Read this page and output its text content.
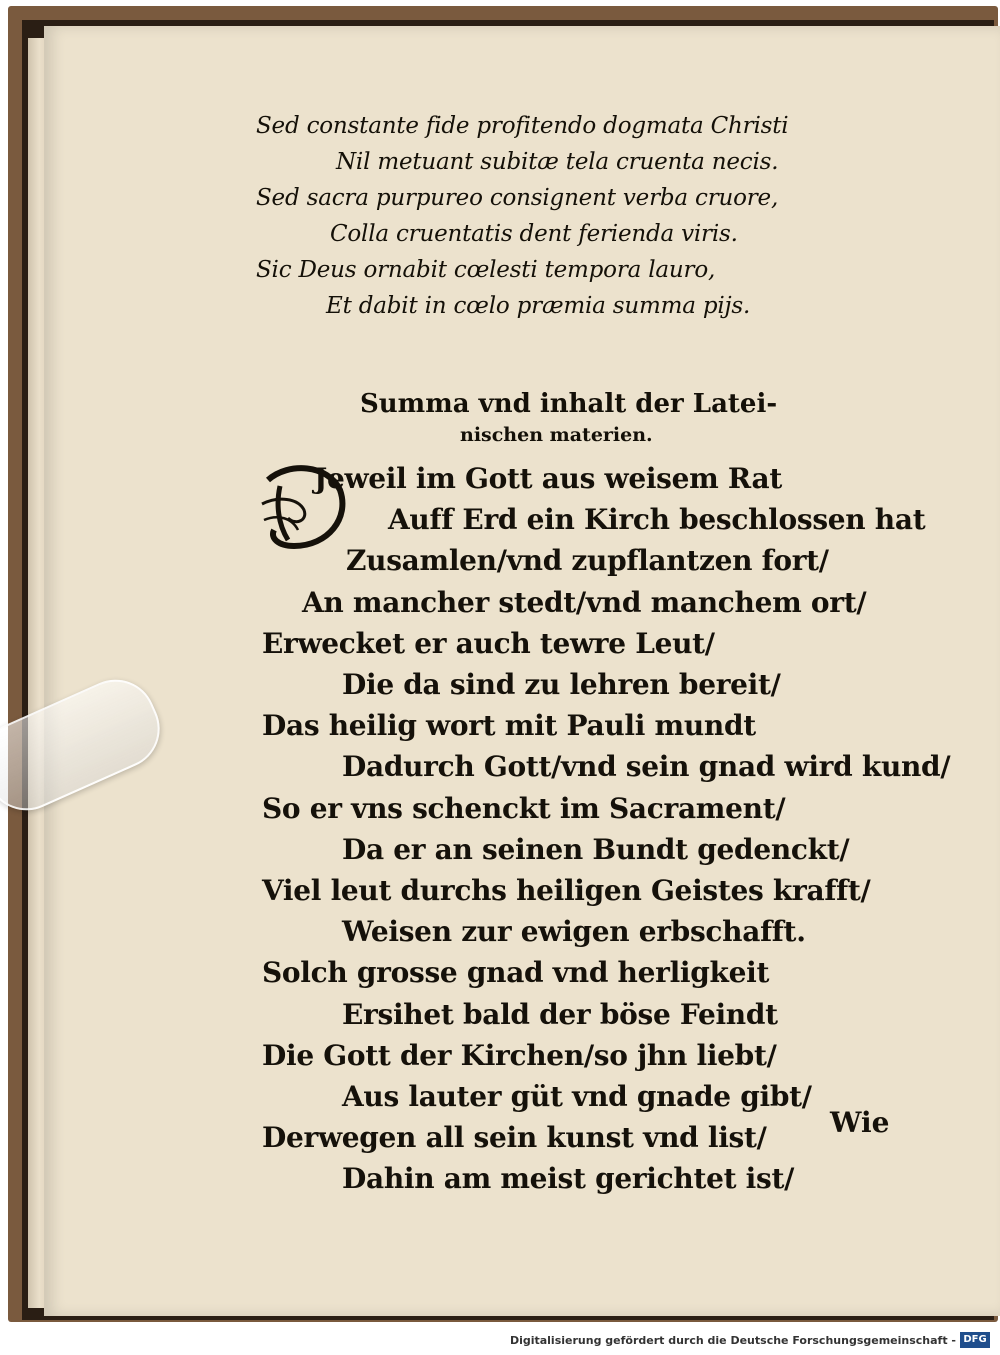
Sed constante fide profitendo dogmata Christi
Nil metuant subitæ tela cruenta necis.
Sed sacra purpureo consignent verba cruore,
Colla cruentatis dent ferienda viris.
Sic Deus ornabit cœlesti tempora lauro,
Et dabit in cœlo præmia summa pijs.
Summa vnd inhalt der Latei-
nischen materien.
Jeweil im Gott aus weisem Rat
Auff Erd ein Kirch beschlossen hat
Zusamlen/vnd zupflantzen fort/
An mancher stedt/vnd manchem ort/
Erwecket er auch tewre Leut/
Die da sind zu lehren bereit/
Das heilig wort mit Pauli mundt
Dadurch Gott/vnd sein gnad wird kund/
So er vns schenckt im Sacrament/
Da er an seinen Bundt gedenckt/
Viel leut durchs heiligen Geistes krafft/
Weisen zur ewigen erbschafft.
Solch grosse gnad vnd herligkeit
Ersihet bald der böse Feindt
Die Gott der Kirchen/so jhn liebt/
Aus lauter güt vnd gnade gibt/
Derwegen all sein kunst vnd list/
Dahin am meist gerichtet ist/
Wie
Digitalisierung gefördert durch die Deutsche Forschungsgemeinschaft - DFG
